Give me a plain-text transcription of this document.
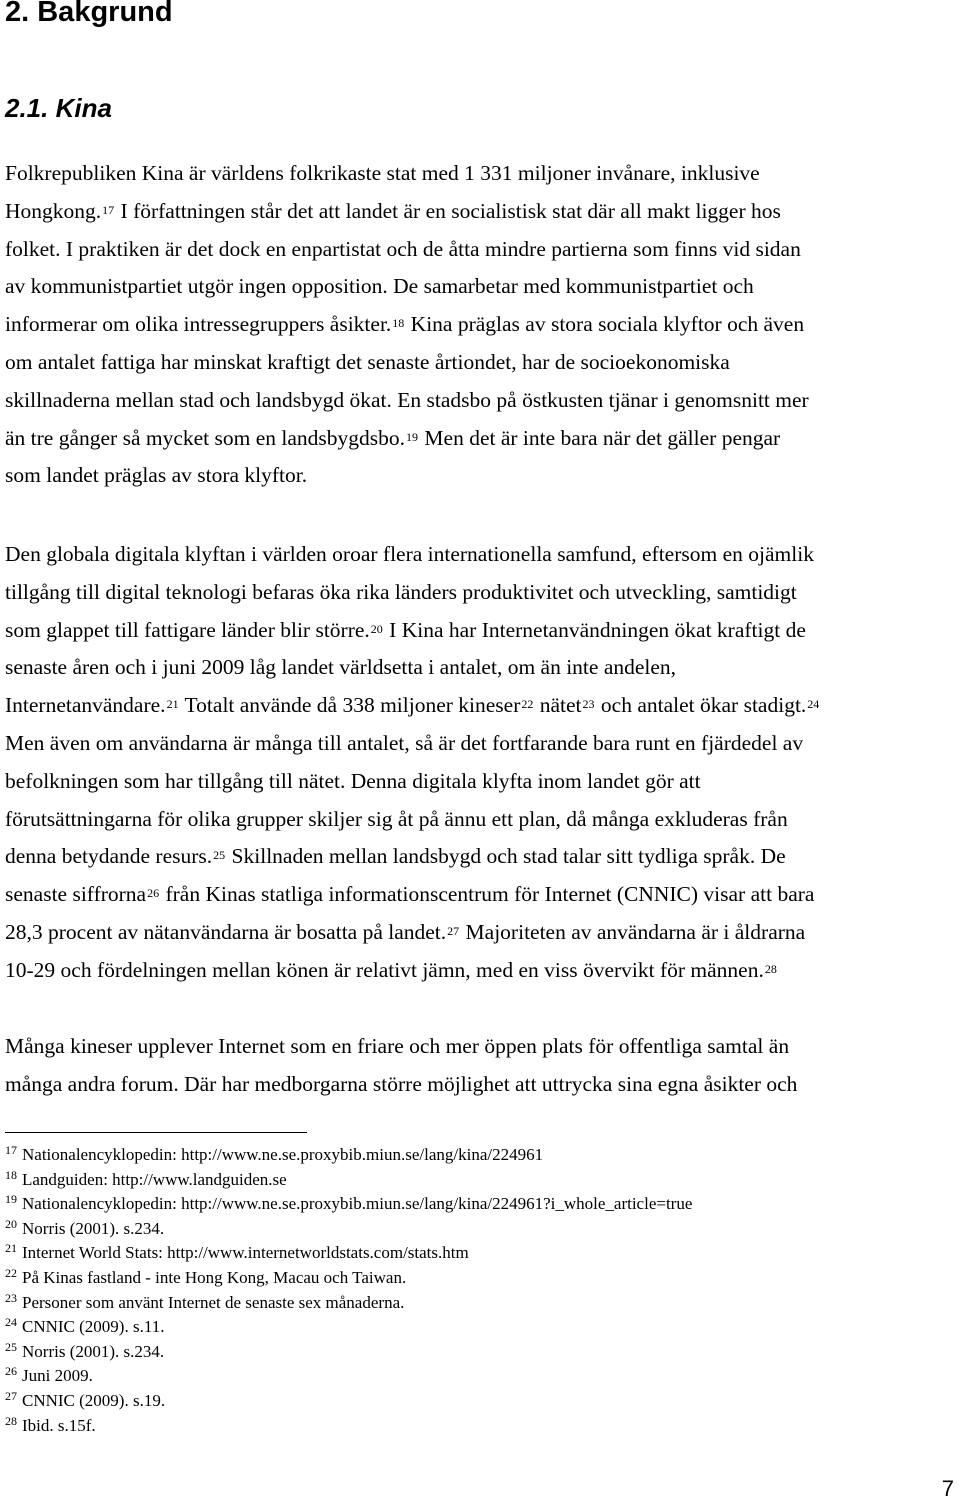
2. Bakgrund
2.1. Kina
Folkrepubliken Kina är världens folkrikaste stat med 1 331 miljoner invånare, inklusive
Hongkong.$^{17}$ I författningen står det att landet är en socialistisk stat där all makt ligger hos
folket. I praktiken är det dock en enpartistat och de åtta mindre partierna som finns vid sidan
av kommunistpartiet utgör ingen opposition. De samarbetar med kommunistpartiet och
informerar om olika intressegruppers åsikter.$^{18}$ Kina präglas av stora sociala klyftor och även
om antalet fattiga har minskat kraftigt det senaste årtiondet, har de socioekonomiska
skillnaderna mellan stad och landsbygd ökat. En stadsbo på östkusten tjänar i genomsnitt mer
än tre gånger så mycket som en landsbygdsbo.$^{19}$ Men det är inte bara när det gäller pengar
som landet präglas av stora klyftor.
Den globala digitala klyftan i världen oroar flera internationella samfund, eftersom en ojämlik
tillgång till digital teknologi befaras öka rika länders produktivitet och utveckling, samtidigt
som glappet till fattigare länder blir större.$^{20}$ I Kina har Internetanvändningen ökat kraftigt de
senaste åren och i juni 2009 låg landet världsetta i antalet, om än inte andelen,
Internetanvändare.$^{21}$ Totalt använde då 338 miljoner kineser$^{22}$ nätet$^{23}$ och antalet ökar stadigt.$^{24}$
Men även om användarna är många till antalet, så är det fortfarande bara runt en fjärdedel av
befolkningen som har tillgång till nätet. Denna digitala klyfta inom landet gör att
förutsättningarna för olika grupper skiljer sig åt på ännu ett plan, då många exkluderas från
denna betydande resurs.$^{25}$ Skillnaden mellan landsbygd och stad talar sitt tydliga språk. De
senaste siffrorna$^{26}$ från Kinas statliga informationscentrum för Internet (CNNIC) visar att bara
28,3 procent av nätanvändarna är bosatta på landet.$^{27}$ Majoriteten av användarna är i åldrarna
10-29 och fördelningen mellan könen är relativt jämn, med en viss övervikt för männen.$^{28}$
Många kineser upplever Internet som en friare och mer öppen plats för offentliga samtal än
många andra forum. Där har medborgarna större möjlighet att uttrycka sina egna åsikter och
$^{17}$ Nationalencyklopedin: http://www.ne.se.proxybib.miun.se/lang/kina/224961
$^{18}$ Landguiden: http://www.landguiden.se
$^{19}$ Nationalencyklopedin: http://www.ne.se.proxybib.miun.se/lang/kina/224961?i_whole_article=true
$^{20}$ Norris (2001). s.234.
$^{21}$ Internet World Stats: http://www.internetworldstats.com/stats.htm
$^{22}$ På Kinas fastland - inte Hong Kong, Macau och Taiwan.
$^{23}$ Personer som använt Internet de senaste sex månaderna.
$^{24}$ CNNIC (2009). s.11.
$^{25}$ Norris (2001). s.234.
$^{26}$ Juni 2009.
$^{27}$ CNNIC (2009). s.19.
$^{28}$ Ibid. s.15f.
7
